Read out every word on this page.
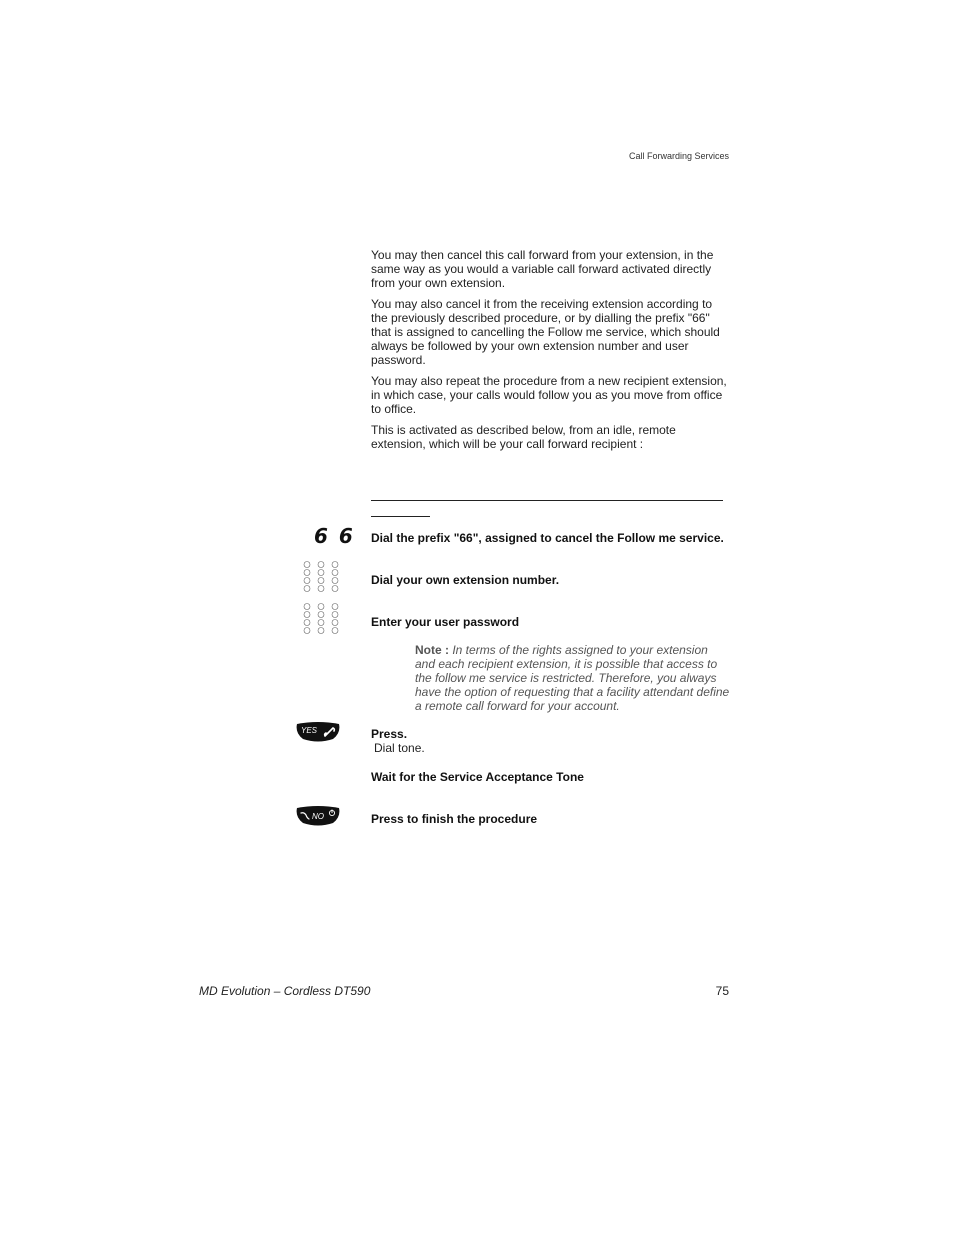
Call Forwarding Services
You may then cancel this call forward from your extension, in the same way as you would a variable call forward activated directly from your own extension.
You may also cancel it from the receiving extension according to the previously described procedure, or by dialling the prefix "66" that is assigned to cancelling the Follow me service, which should always be followed by your own extension number and user password.
You may also repeat the procedure from a new recipient extension, in which case, your calls would follow you as you move from office to office.
This is activated as described below, from an idle, remote extension, which will be your call forward recipient :
6 6 Dial the prefix "66", assigned to cancel the Follow me service.
Dial your own extension number.
Enter your user password
Note : In terms of the rights assigned to your extension and each recipient extension, it is possible that access to the follow me service is restricted. Therefore, you always have the option of requesting that a facility attendant define a remote call forward for your account.
YES	Press.
Dial tone.
Wait for the Service Acceptance Tone
NO	Press to finish the procedure
MD Evolution – Cordless DT590	75
